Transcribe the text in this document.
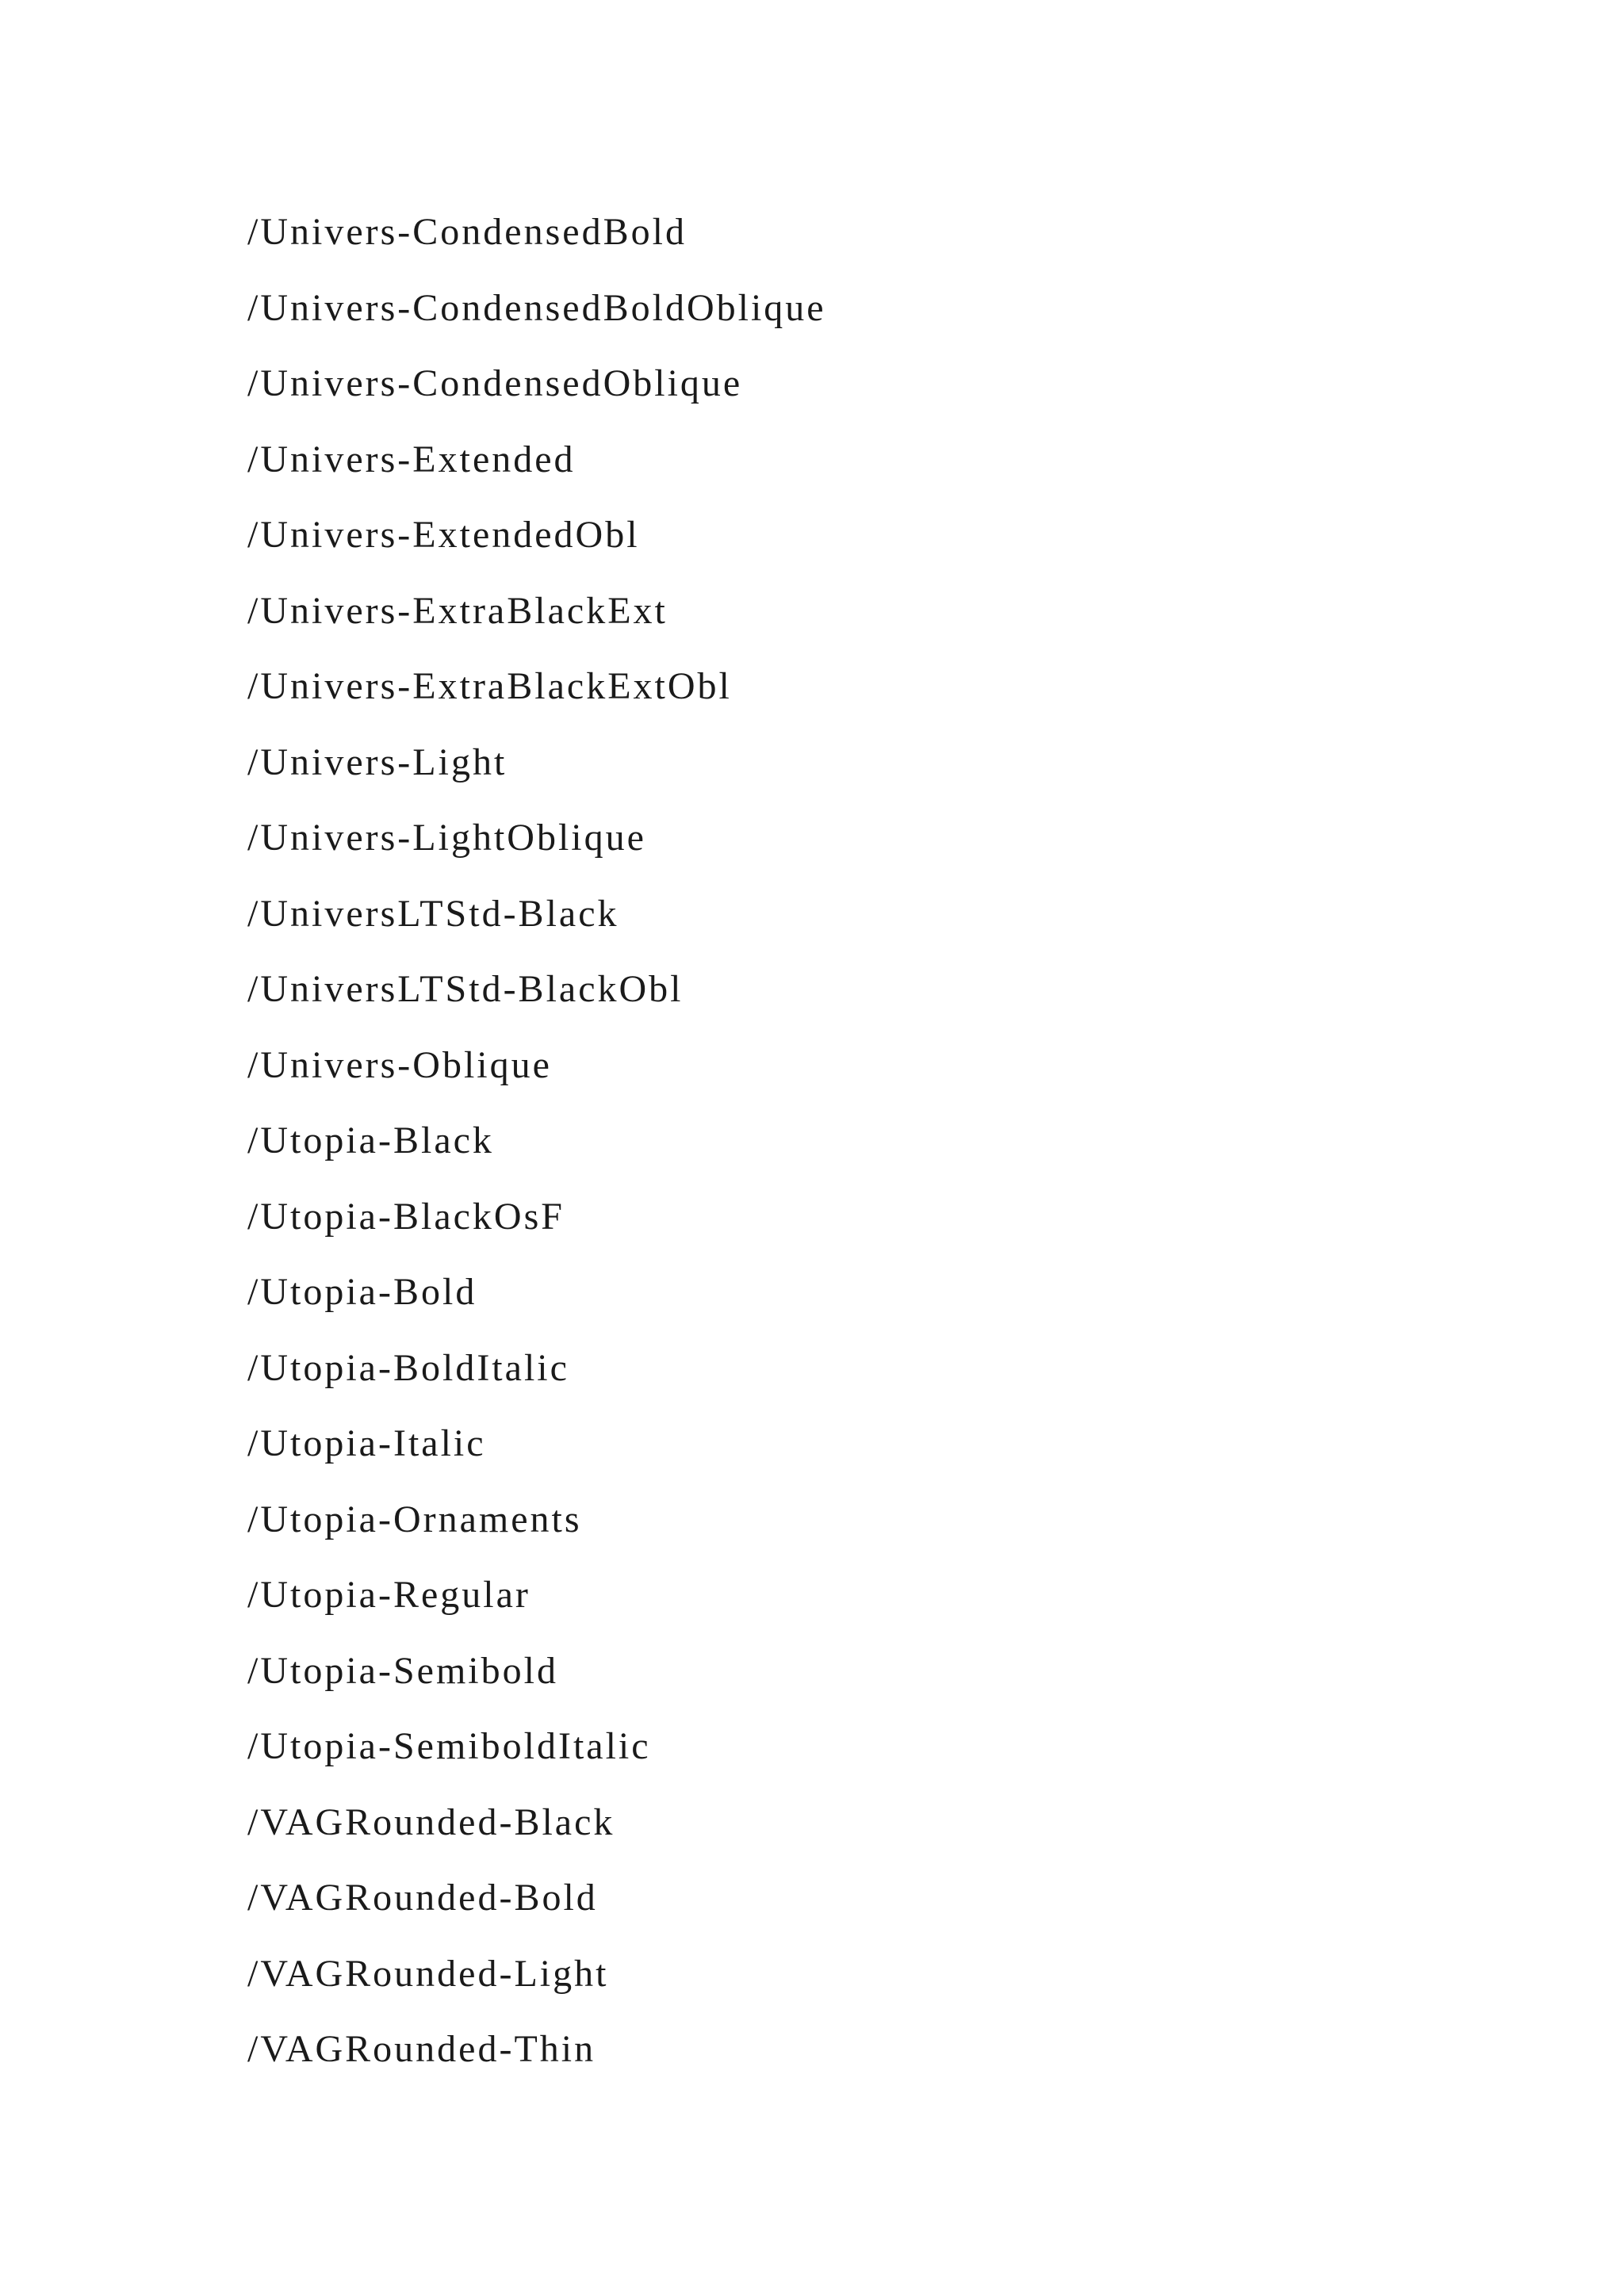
/Univers-CondensedBold
/Univers-CondensedBoldOblique
/Univers-CondensedOblique
/Univers-Extended
/Univers-ExtendedObl
/Univers-ExtraBlackExt
/Univers-ExtraBlackExtObl
/Univers-Light
/Univers-LightOblique
/UniversLTStd-Black
/UniversLTStd-BlackObl
/Univers-Oblique
/Utopia-Black
/Utopia-BlackOsF
/Utopia-Bold
/Utopia-BoldItalic
/Utopia-Italic
/Utopia-Ornaments
/Utopia-Regular
/Utopia-Semibold
/Utopia-SemiboldItalic
/VAGRounded-Black
/VAGRounded-Bold
/VAGRounded-Light
/VAGRounded-Thin
